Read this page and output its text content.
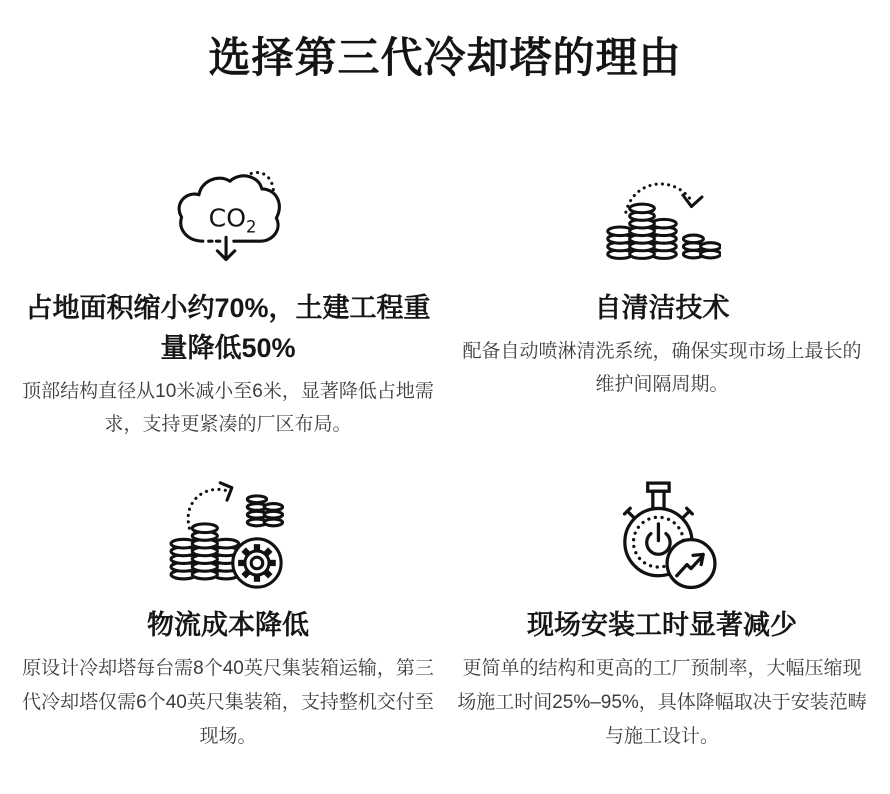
选择第三代冷却塔的理由
$CO_2$
占地面积缩小约70%，土建工程重量降低50%

顶部结构直径从10米减小至6米，显著降低占地需求，支持更紧凑的厂区布局。

自清洁技术

配备自动喷淋清洗系统，确保实现市场上最长的维护间隔周期。

物流成本降低

原设计冷却塔每台需8个40英尺集装箱运输，第三代冷却塔仅需6个40英尺集装箱，支持整机交付至现场。

现场安装工时显著减少

更简单的结构和更高的工厂预制率，大幅压缩现场施工时间25%–95%，具体降幅取决于安装范畴与施工设计。
